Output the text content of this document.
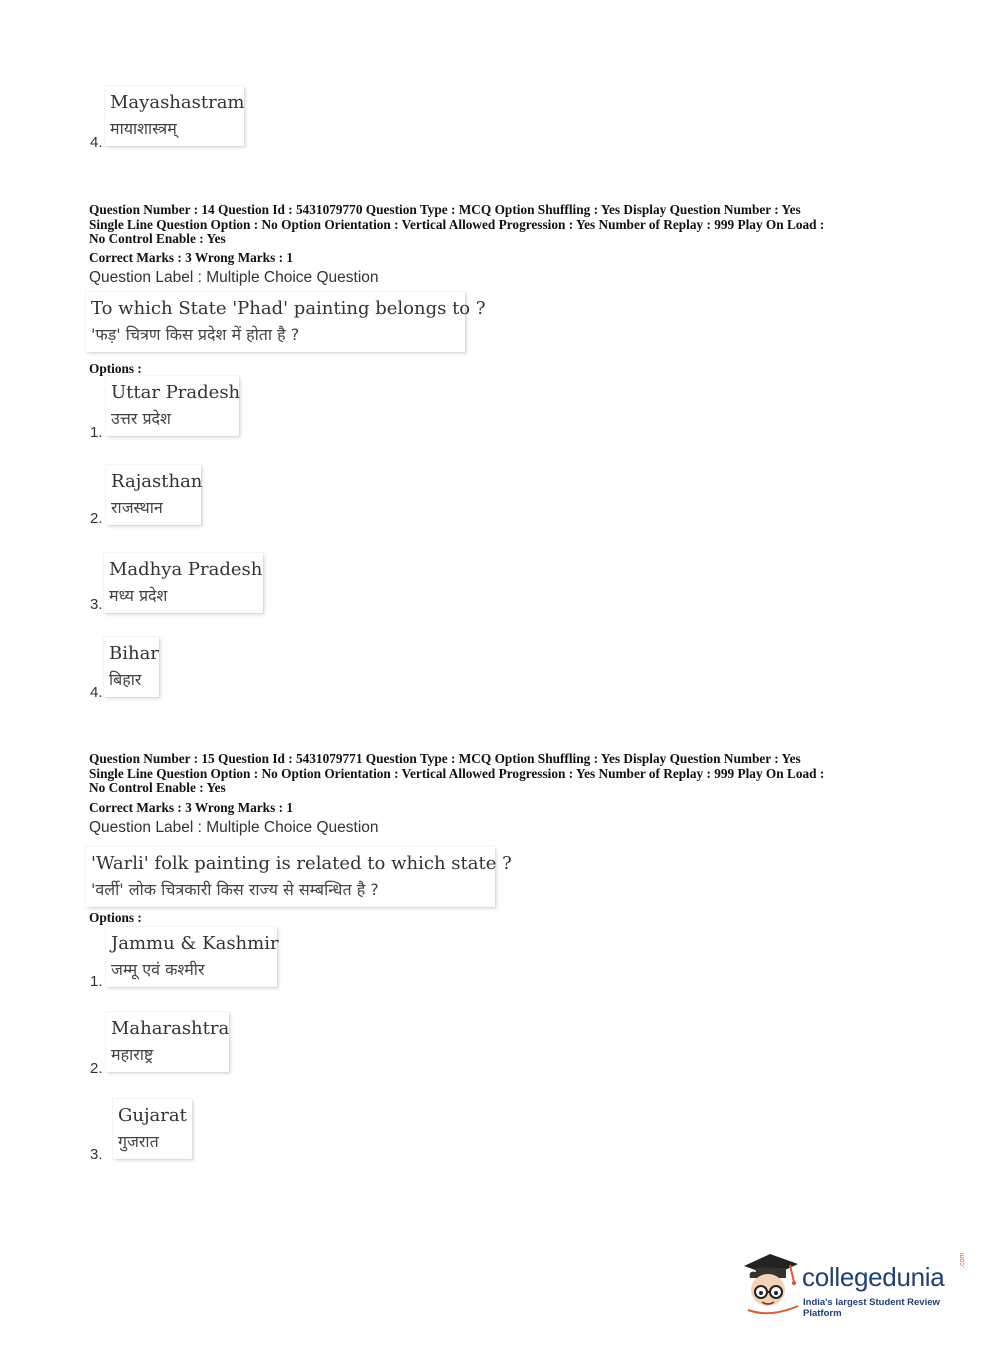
Mayashastram
मायाशास्त्रम्
4.
Question Number : 14 Question Id : 5431079770 Question Type : MCQ Option Shuffling : Yes Display Question Number : Yes
Single Line Question Option : No Option Orientation : Vertical Allowed Progression : Yes Number of Replay : 999 Play On Load :
No Control Enable : Yes
Correct Marks : 3 Wrong Marks : 1
Question Label : Multiple Choice Question
To which State 'Phad' painting belongs to ?
'फड़' चित्रण किस प्रदेश में होता है ?
Options :
Uttar Pradesh
उत्तर प्रदेश
1.
Rajasthan
राजस्थान
2.
Madhya Pradesh
मध्य प्रदेश
3.
Bihar
बिहार
4.
Question Number : 15 Question Id : 5431079771 Question Type : MCQ Option Shuffling : Yes Display Question Number : Yes
Single Line Question Option : No Option Orientation : Vertical Allowed Progression : Yes Number of Replay : 999 Play On Load :
No Control Enable : Yes
Correct Marks : 3 Wrong Marks : 1
Question Label : Multiple Choice Question
'Warli' folk painting is related to which state ?
'वर्ली' लोक चित्रकारी किस राज्य से सम्बन्धित है ?
Options :
Jammu & Kashmir
जम्मू एवं कश्मीर
1.
Maharashtra
महाराष्ट्र
2.
Gujarat
गुजरात
3.
collegedunia
.com
India's largest Student Review Platform
